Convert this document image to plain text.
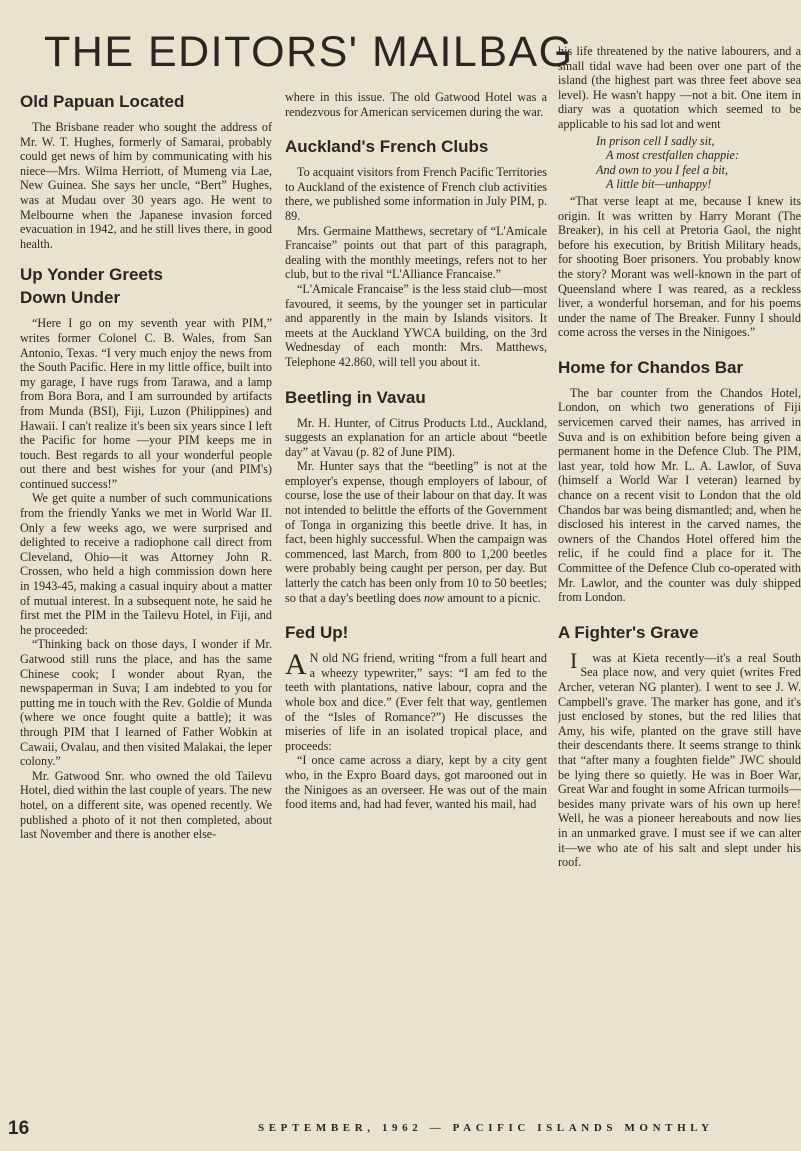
THE EDITORS' MAILBAG
Old Papuan Located

The Brisbane reader who sought the address of Mr. W. T. Hughes, formerly of Samarai, probably could get news of him by communicating with his niece—Mrs. Wilma Herriott, of Mumeng via Lae, New Guinea. She says her uncle, “Bert” Hughes, was at Mudau over 30 years ago. He went to Melbourne when the Japanese invasion forced evacuation in 1942, and he still lives there, in good health.

Up Yonder Greets
Down Under

“Here I go on my seventh year with PIM,” writes former Colonel C. B. Wales, from San Antonio, Texas. “I very much enjoy the news from the South Pacific. Here in my little office, built into my garage, I have rugs from Tarawa, and a lamp from Bora Bora, and I am surrounded by artifacts from Munda (BSI), Fiji, Luzon (Philippines) and Hawaii. I can't realize it's been six years since I left the Pacific for home —your PIM keeps me in touch. Best regards to all your wonderful people out there and best wishes for your (and PIM's) continued success!”

We get quite a number of such communications from the friendly Yanks we met in World War II. Only a few weeks ago, we were surprised and delighted to receive a radiophone call direct from Cleveland, Ohio—it was Attorney John R. Crossen, who held a high commission down here in 1943-45, making a casual inquiry about a matter of mutual interest. In a subsequent note, he said he first met the PIM in the Tailevu Hotel, in Fiji, and he proceeded:

“Thinking back on those days, I wonder if Mr. Gatwood still runs the place, and has the same Chinese cook; I wonder about Ryan, the newspaperman in Suva; I am indebted to you for putting me in touch with the Rev. Goldie of Munda (where we once fought quite a battle); it was through PIM that I learned of Father Wobkin at Cawaii, Ovalau, and then visited Malakai, the leper colony.”

Mr. Gatwood Snr. who owned the old Tailevu Hotel, died within the last couple of years. The new hotel, on a different site, was opened recently. We published a photo of it not then completed, about last November and there is another else-

where in this issue. The old Gatwood Hotel was a rendezvous for American servicemen during the war.

Auckland's French Clubs

To acquaint visitors from French Pacific Territories to Auckland of the existence of French club activities there, we published some information in July PIM, p. 89.

Mrs. Germaine Matthews, secretary of “L'Amicale Francaise” points out that part of this paragraph, dealing with the monthly meetings, refers not to her club, but to the rival “L'Alliance Francaise.”

“L'Amicale Francaise” is the less staid club—most favoured, it seems, by the younger set in particular and apparently in the main by Islands visitors. It meets at the Auckland YWCA building, on the 3rd Wednesday of each month: Mrs. Matthews, Telephone 42.860, will tell you about it.

Beetling in Vavau

Mr. H. Hunter, of Citrus Products Ltd., Auckland, suggests an explanation for an article about “beetle day” at Vavau (p. 82 of June PIM).

Mr. Hunter says that the “beetling” is not at the employer's expense, though employers of labour, of course, lose the use of their labour on that day. It was not intended to belittle the efforts of the Government of Tonga in organizing this beetle drive. It has, in fact, been highly successful. When the campaign was commenced, last March, from 800 to 1,200 beetles were probably being caught per person, per day. But latterly the catch has been only from 10 to 50 beetles; so that a day's beetling does now amount to a picnic.

Fed Up!

A N old NG friend, writing “from a full heart and a wheezy typewriter,” says: “I am fed to the teeth with plantations, native labour, copra and the whole box and dice.” (Ever felt that way, gentlemen of the “Isles of Romance?”) He discusses the miseries of life in an isolated tropical place, and proceeds:

“I once came across a diary, kept by a city gent who, in the Expro Board days, got marooned out in the Ninigoes as an overseer. He was out of the main food items and, had had fever, wanted his mail, had

his life threatened by the native labourers, and a small tidal wave had been over one part of the island (the highest part was three feet above sea level). He wasn't happy —not a bit. One item in diary was a quotation which seemed to be applicable to his sad lot and went

In prison cell I sadly sit,
A most crestfallen chappie:
And own to you I feel a bit,
A little bit—unhappy!

“That verse leapt at me, because I knew its origin. It was written by Harry Morant (The Breaker), in his cell at Pretoria Gaol, the night before his execution, by British Military heads, for shooting Boer prisoners. You probably know the story? Morant was well-known in the part of Queensland where I was reared, as a reckless liver, a wonderful horseman, and for his poems under the name of The Breaker. Funny I should come across the verses in the Ninigoes.”

Home for Chandos Bar

The bar counter from the Chandos Hotel, London, on which two generations of Fiji servicemen carved their names, has arrived in Suva and is on exhibition before being given a permanent home in the Defence Club. The PIM, last year, told how Mr. L. A. Lawlor, of Suva (himself a World War I veteran) learned by chance on a recent visit to London that the old Chandos bar was being dismantled; and, when he disclosed his interest in the carved names, the owners of the Chandos Hotel offered him the relic, if he could find a place for it. The Committee of the Defence Club co-operated with Mr. Lawlor, and the counter was duly shipped from London.

A Fighter's Grave

I was at Kieta recently—it's a real South Sea place now, and very quiet (writes Fred Archer, veteran NG planter). I went to see J. W. Campbell's grave. The marker has gone, and it's just enclosed by stones, but the red lilies that Amy, his wife, planted on the grave still have their descendants there. It seems strange to think that “after many a foughten fielde” JWC should be lying there so quietly. He was in Boer War, Great War and fought in some African turmoils—besides many private wars of his own up here! Well, he was a pioneer hereabouts and now lies in an unmarked grave. I must see if we can alter it—we who ate of his salt and slept under his roof.

16	SEPTEMBER, 1962 — PACIFIC ISLANDS MONTHLY
